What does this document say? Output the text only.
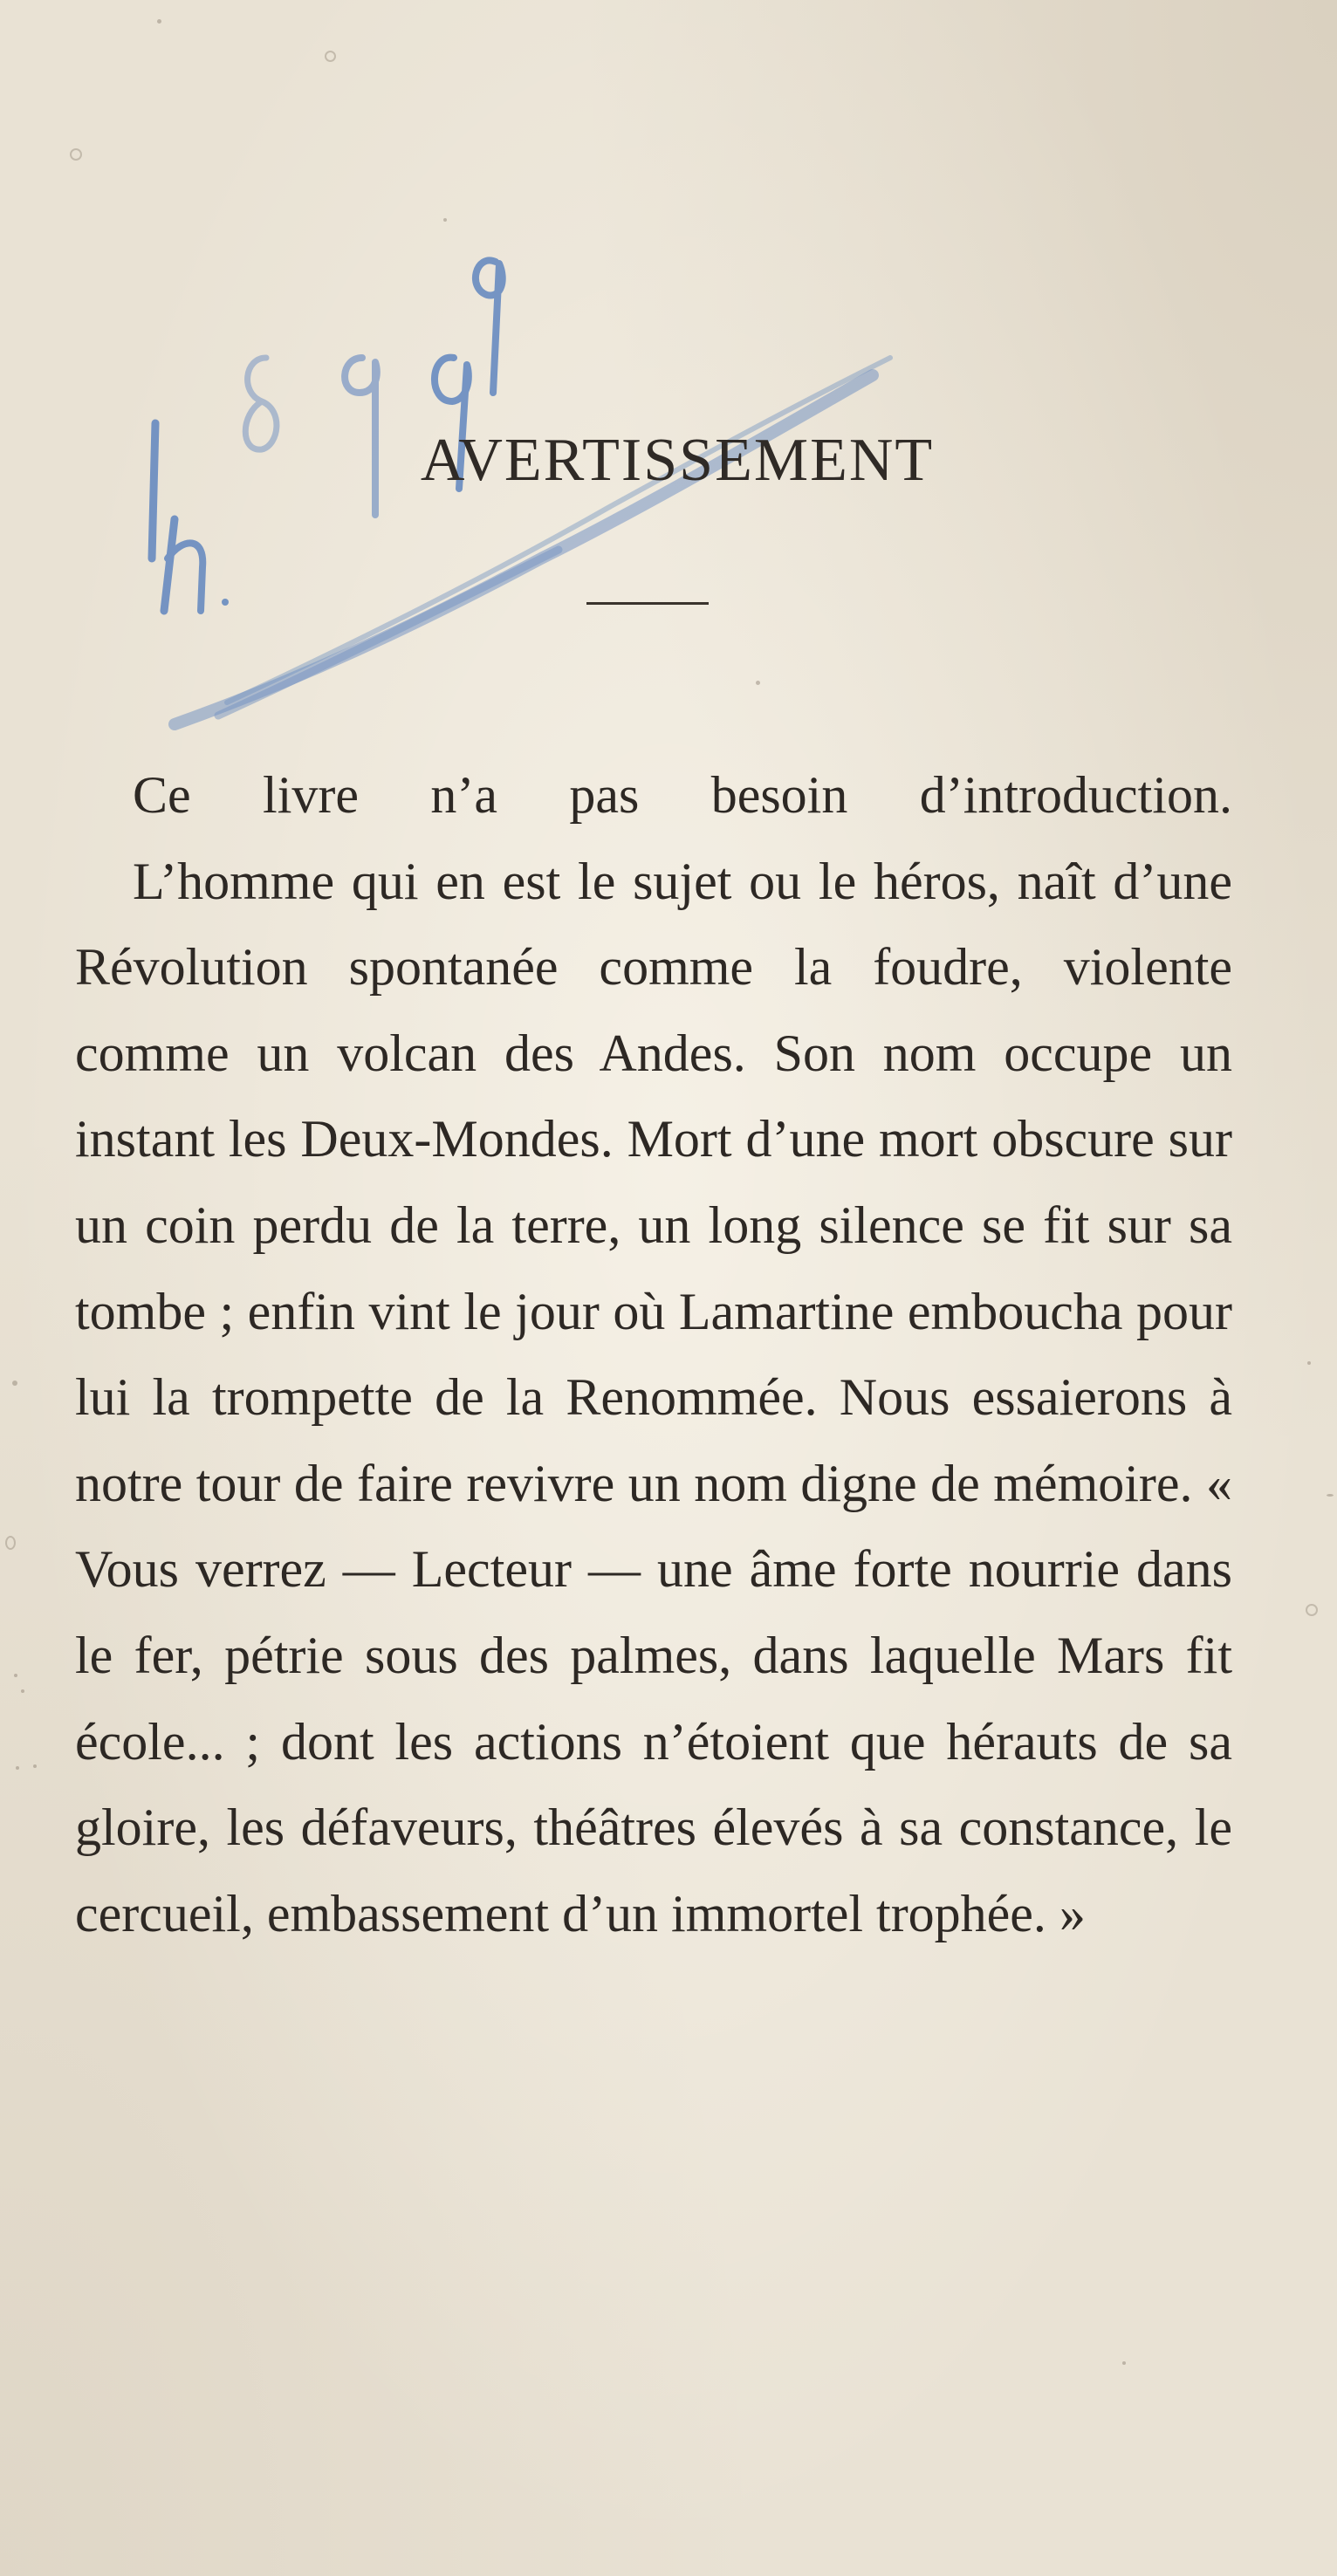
AVERTISSEMENT

Ce livre n’a pas besoin d’introduction.

L’homme qui en est le sujet ou le héros, naît d’une Révolution spontanée comme la foudre, violente comme un volcan des Andes. Son nom occupe un instant les Deux-Mondes. Mort d’une mort obscure sur un coin perdu de la terre, un long silence se fit sur sa tombe ; enfin vint le jour où Lamartine emboucha pour lui la trompette de la Renommée. Nous essaierons à notre tour de faire revivre un nom digne de mémoire. « Vous verrez — Lecteur — une âme forte nourrie dans le fer, pétrie sous des palmes, dans laquelle Mars fit école... ; dont les actions n’étoient que hérauts de sa gloire, les défaveurs, théâtres élevés à sa constance, le cercueil, embassement d’un immortel trophée. »
